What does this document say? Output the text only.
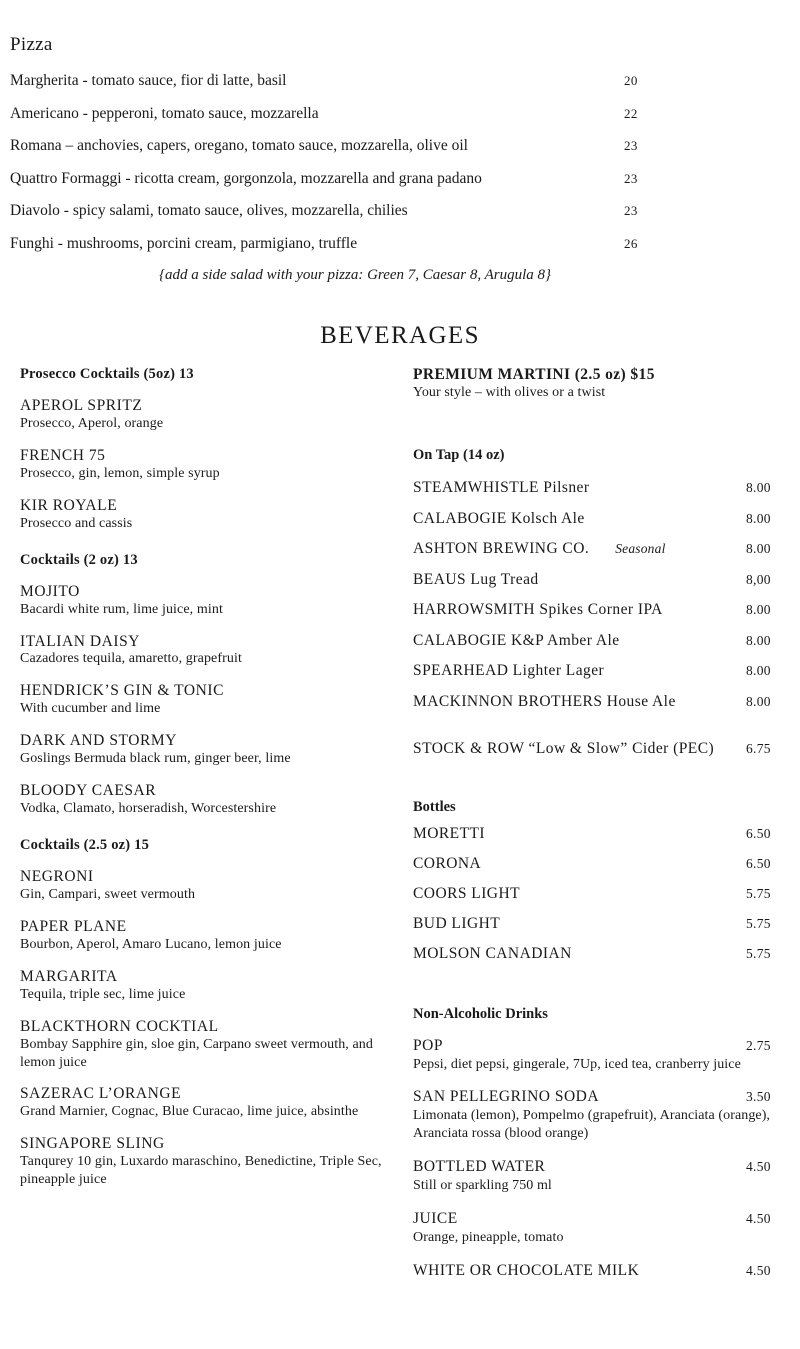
Pizza
Margherita - tomato sauce, fior di latte, basil	20
Americano - pepperoni, tomato sauce, mozzarella	22
Romana – anchovies, capers, oregano, tomato sauce, mozzarella, olive oil	23
Quattro Formaggi - ricotta cream, gorgonzola, mozzarella and grana padano	23
Diavolo - spicy salami, tomato sauce, olives, mozzarella, chilies	23
Funghi - mushrooms, porcini cream, parmigiano, truffle	26
{add a side salad with your pizza: Green 7, Caesar 8, Arugula 8}
BEVERAGES
Prosecco Cocktails (5oz) 13
APEROL SPRITZ
Prosecco, Aperol, orange
FRENCH 75
Prosecco, gin, lemon, simple syrup
KIR ROYALE
Prosecco and cassis
Cocktails (2 oz) 13
MOJITO
Bacardi white rum, lime juice, mint
ITALIAN DAISY
Cazadores tequila, amaretto, grapefruit
HENDRICK’S GIN & TONIC
With cucumber and lime
DARK AND STORMY
Goslings Bermuda black rum, ginger beer, lime
BLOODY CAESAR
Vodka, Clamato, horseradish, Worcestershire
Cocktails (2.5 oz) 15
NEGRONI
Gin, Campari, sweet vermouth
PAPER PLANE
Bourbon, Aperol, Amaro Lucano, lemon juice
MARGARITA
Tequila, triple sec, lime juice
BLACKTHORN COCKTIAL
Bombay Sapphire gin, sloe gin, Carpano sweet vermouth, and lemon juice
SAZERAC L’ORANGE
Grand Marnier, Cognac, Blue Curacao, lime juice, absinthe
SINGAPORE SLING
Tanqurey 10 gin, Luxardo maraschino, Benedictine, Triple Sec, pineapple juice
PREMIUM MARTINI (2.5 oz) $15
Your style – with olives or a twist
On Tap (14 oz)
STEAMWHISTLE Pilsner	8.00
CALABOGIE Kolsch Ale	8.00
ASHTON BREWING CO. Seasonal	8.00
BEAUS Lug Tread	8,00
HARROWSMITH Spikes Corner IPA	8.00
CALABOGIE K&P Amber Ale	8.00
SPEARHEAD Lighter Lager	8.00
MACKINNON BROTHERS House Ale	8.00
STOCK & ROW “Low & Slow” Cider (PEC) 6.75
Bottles
MORETTI	6.50
CORONA	6.50
COORS LIGHT	5.75
BUD LIGHT	5.75
MOLSON CANADIAN	5.75
Non-Alcoholic Drinks
POP	2.75
Pepsi, diet pepsi, gingerale, 7Up, iced tea, cranberry juice
SAN PELLEGRINO SODA	3.50
Limonata (lemon), Pompelmo (grapefruit), Aranciata (orange), Aranciata rossa (blood orange)
BOTTLED WATER	4.50
Still or sparkling 750 ml
JUICE	4.50
Orange, pineapple, tomato
WHITE OR CHOCOLATE MILK	4.50
